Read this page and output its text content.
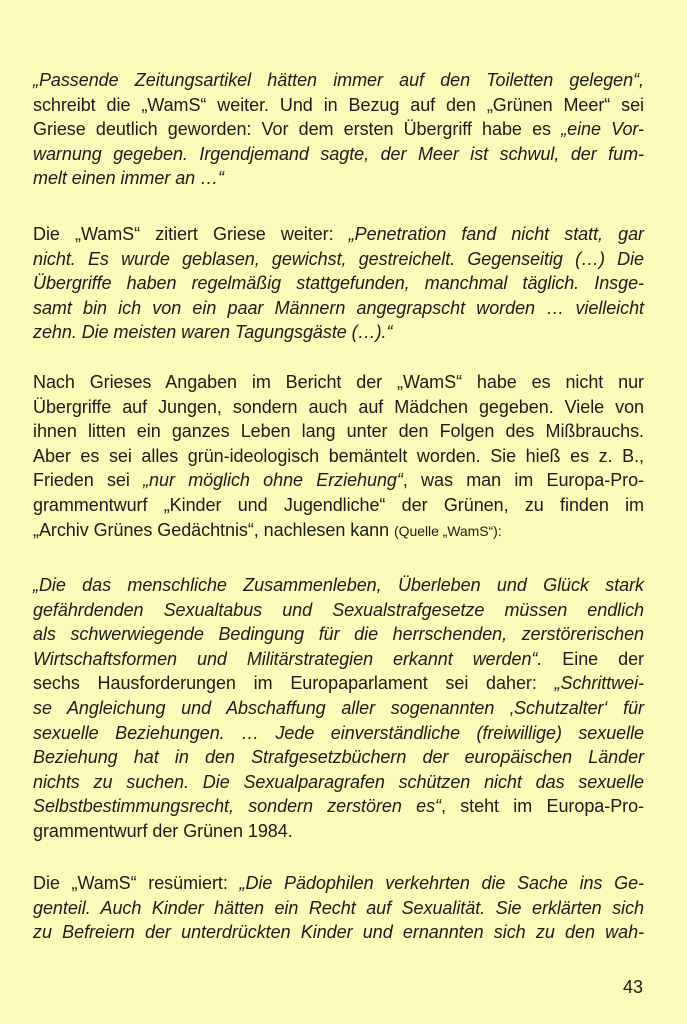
„Passende Zeitungsartikel hätten immer auf den Toiletten gelegen“,
schreibt die „WamS“ weiter. Und in Bezug auf den „Grünen Meer“ sei
Griese deutlich geworden: Vor dem ersten Übergriff habe es „eine Vor-
warnung gegeben. Irgendjemand sagte, der Meer ist schwul, der fum-
melt einen immer an …“
Die „WamS“ zitiert Griese weiter: „Penetration fand nicht statt, gar
nicht. Es wurde geblasen, gewichst, gestreichelt. Gegenseitig (…) Die
Übergriffe haben regelmäßig stattgefunden, manchmal täglich. Insge-
samt bin ich von ein paar Männern angegrapscht worden … vielleicht
zehn. Die meisten waren Tagungsgäste (…).“
Nach Grieses Angaben im Bericht der „WamS“ habe es nicht nur
Übergriffe auf Jungen, sondern auch auf Mädchen gegeben. Viele von
ihnen litten ein ganzes Leben lang unter den Folgen des Mißbrauchs.
Aber es sei alles grün-ideologisch bemäntelt worden. Sie hieß es z. B.,
Frieden sei „nur möglich ohne Erziehung“, was man im Europa-Pro-
grammentwurf „Kinder und Jugendliche“ der Grünen, zu finden im
„Archiv Grünes Gedächtnis“, nachlesen kann (Quelle „WamS“):
„Die das menschliche Zusammenleben, Überleben und Glück stark
gefährdenden Sexualtabus und Sexualstrafgesetze müssen endlich
als schwerwiegende Bedingung für die herrschenden, zerstörerischen
Wirtschaftsformen und Militärstrategien erkannt werden“. Eine der
sechs Hausforderungen im Europaparlament sei daher: „Schrittwei-
se Angleichung und Abschaffung aller sogenannten ‚Schutzalter‘ für
sexuelle Beziehungen. … Jede einverständliche (freiwillige) sexuelle
Beziehung hat in den Strafgesetzbüchern der europäischen Länder
nichts zu suchen. Die Sexualparagrafen schützen nicht das sexuelle
Selbstbestimmungsrecht, sondern zerstören es“, steht im Europa-Pro-
grammentwurf der Grünen 1984.
Die „WamS“ resümiert: „Die Pädophilen verkehrten die Sache ins Ge-
genteil. Auch Kinder hätten ein Recht auf Sexualität. Sie erklärten sich
zu Befreiern der unterdrückten Kinder und ernannten sich zu den wah-
43
